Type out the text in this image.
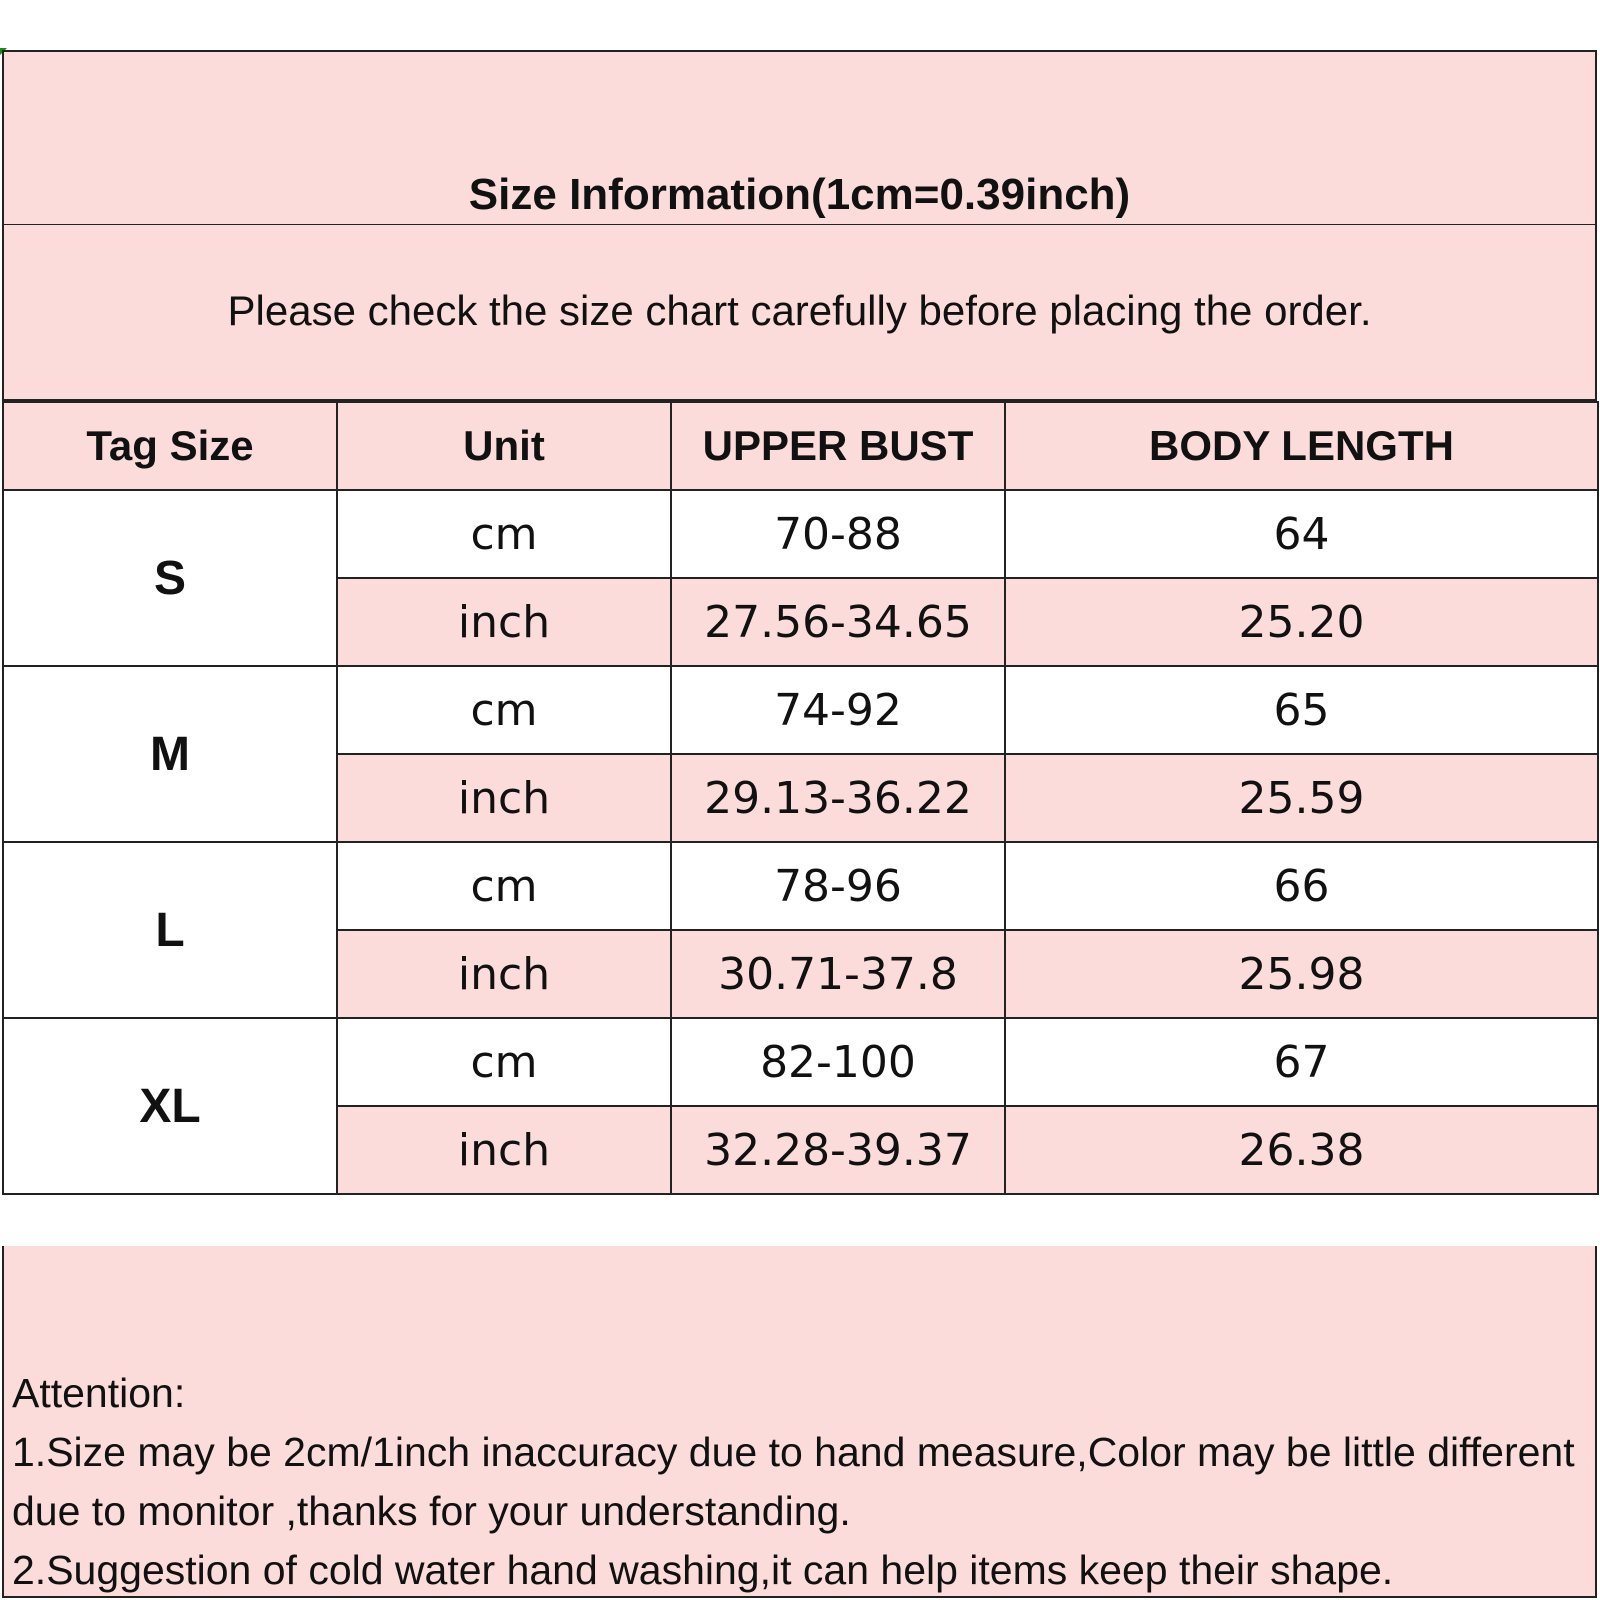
Size Information(1cm=0.39inch)
Please check the size chart carefully before placing the order.
Tag Size	Unit	UPPER BUST	BODY LENGTH
S	cm	70-88	64
	inch	27.56-34.65	25.20
M	cm	74-92	65
	inch	29.13-36.22	25.59
L	cm	78-96	66
	inch	30.71-37.8	25.98
XL	cm	82-100	67
	inch	32.28-39.37	26.38
Attention:
1.Size may be 2cm/1inch inaccuracy due to hand measure,Color may be little different due to monitor ,thanks for your understanding.
2.Suggestion of cold water hand washing,it can help items keep their shape.
